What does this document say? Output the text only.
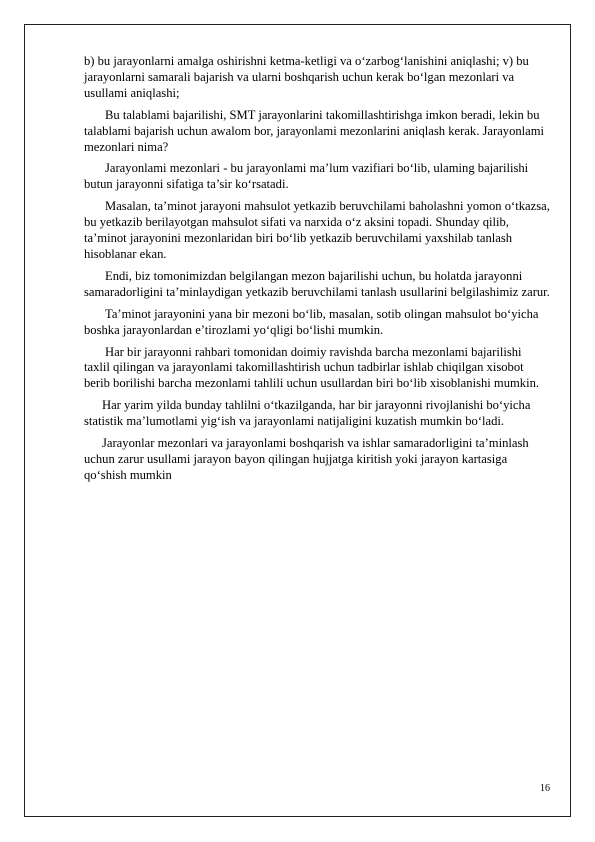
b) bu jarayonlarni amalga oshirishni ketma-ketligi va o‘zarbog‘lanishini aniqlashi; v) bu jarayonlarni samarali bajarish va ularni boshqarish uchun kerak bo‘lgan mezonlari va usullami aniqlashi;

Bu talablami bajarilishi, SMT jarayonlarini takomillashtirishga imkon beradi, lekin bu talablami bajarish uchun awalom bor, jarayonlami mezonlarini aniqlash kerak. Jarayonlami mezonlari nima?

Jarayonlami mezonlari - bu jarayonlami ma’lum vazifiari bo‘lib, ulaming bajarilishi butun jarayonni sifatiga ta’sir ko‘rsatadi.

Masalan, ta’minot jarayoni mahsulot yetkazib beruvchilami baholashni yomon o‘tkazsa, bu yetkazib berilayotgan mahsulot sifati va narxida o‘z aksini topadi. Shunday qilib, ta’minot jarayonini mezonlaridan biri bo‘lib yetkazib beruvchilami yaxshilab tanlash hisoblanar ekan.

Endi, biz tomonimizdan belgilangan mezon bajarilishi uchun, bu holatda jarayonni samaradorligini ta’minlaydigan yetkazib beruvchilami tanlash usullarini belgilashimiz zarur.

Ta’minot jarayonini yana bir mezoni bo‘lib, masalan, sotib olingan mahsulot bo‘yicha boshka jarayonlardan e’tirozlami yo‘qligi bo‘lishi mumkin.

Har bir jarayonni rahbari tomonidan doimiy ravishda barcha mezonlami bajarilishi taxlil qilingan va jarayonlami takomillashtirish uchun tadbirlar ishlab chiqilgan xisobot berib borilishi barcha mezonlami tahlili uchun usullardan biri bo‘lib xisoblanishi mumkin.

Har yarim yilda bunday tahlilni o‘tkazilganda, har bir jarayonni rivojlanishi bo‘yicha statistik ma’lumotlami yig‘ish va jarayonlami natijaligini kuzatish mumkin bo‘ladi.

Jarayonlar mezonlari va jarayonlami boshqarish va ishlar samaradorligini ta’minlash uchun zarur usullami jarayon bayon qilingan hujjatga kiritish yoki jarayon kartasiga qo‘shish mumkin

16
